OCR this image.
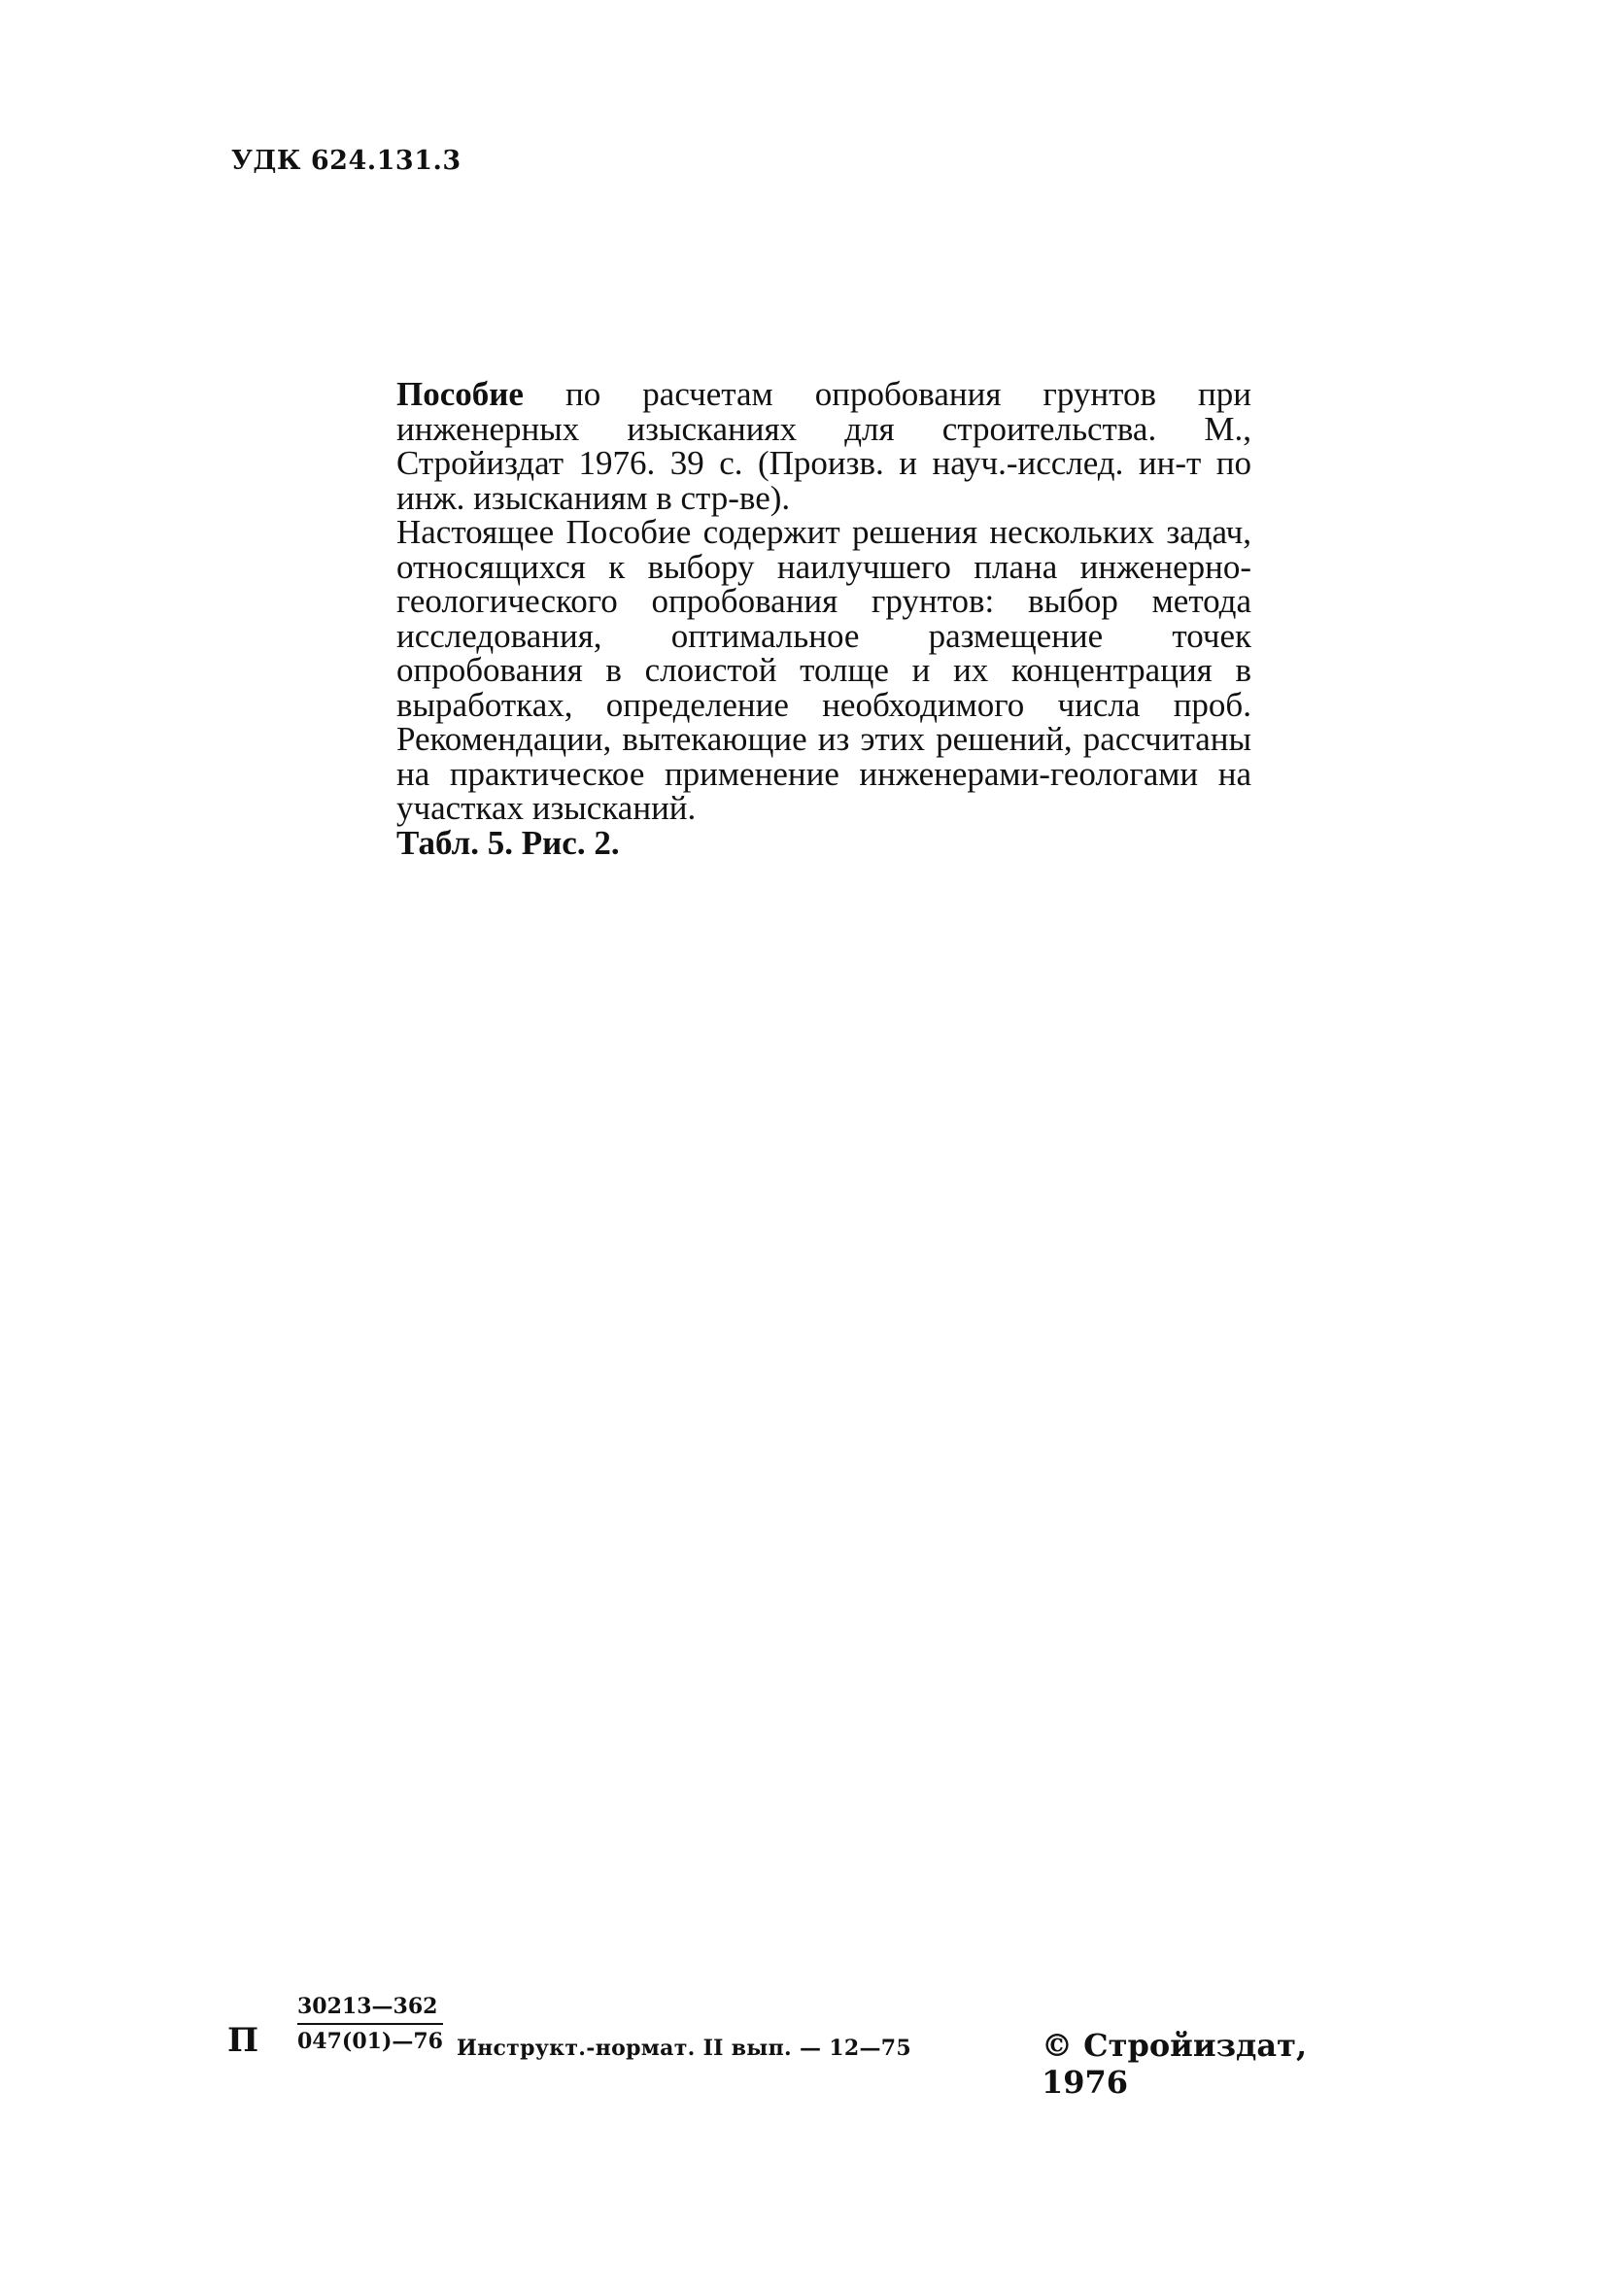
УДК 624.131.3

Пособие по расчетам опробования грунтов при инженерных изысканиях для строительства. М., Стройиздат 1976. 39 с. (Произв. и науч.-исслед. ин-т по инж. изысканиям в стр-ве).

Настоящее Пособие содержит решения нескольких задач, относящихся к выбору наилучшего плана инженерно-геологического опробования грунтов: выбор метода исследования, оптимальное размещение точек опробования в слоистой толще и их концентрация в выработках, определение необходимого числа проб. Рекомендации, вытекающие из этих решений, рассчитаны на практическое применение инженерами-геологами на участках изысканий.

Табл. 5. Рис. 2.

П $\frac{30213—362}{047(01)—76}$ Инструкт.-нормат. II вып. — 12—75	© Стройиздат, 1976
